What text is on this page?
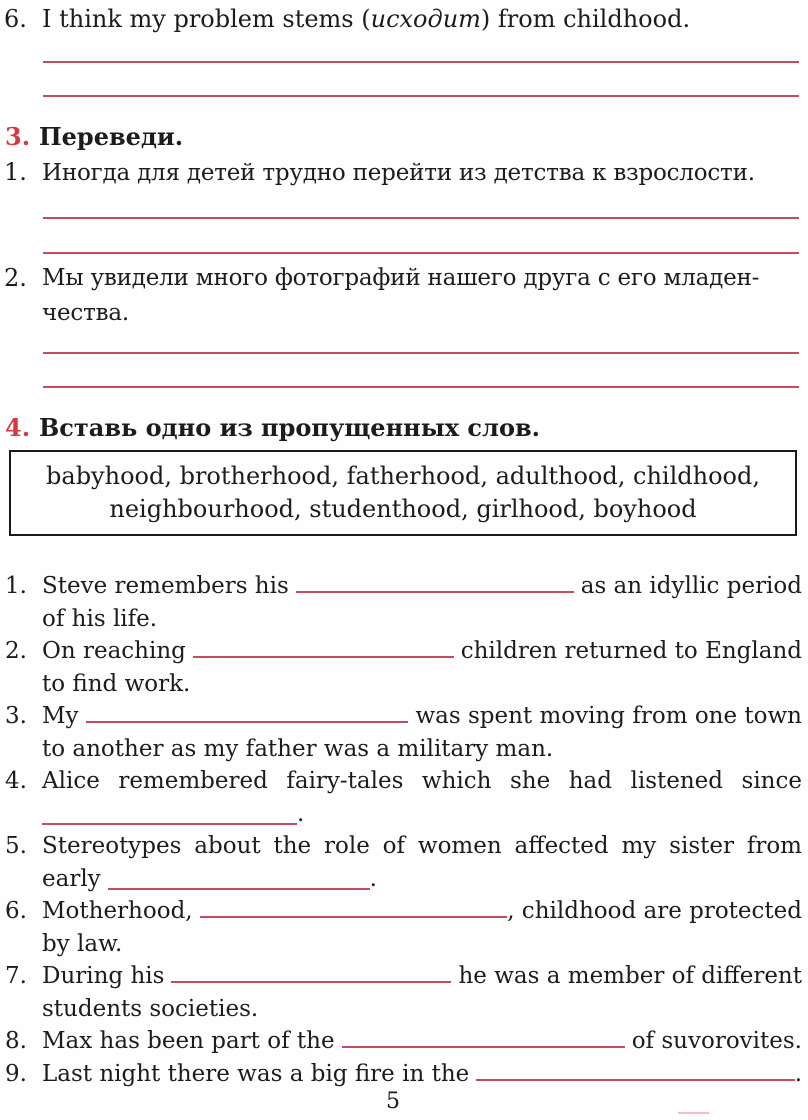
6. I think my problem stems (исходит) from childhood.
3. Переведи.
1. Иногда для детей трудно перейти из детства к взрослости.
2. Мы увидели много фотографий нашего друга с его младен-
чества.
4. Вставь одно из пропущенных слов.
babyhood, brotherhood, fatherhood, adulthood, childhood,
neighbourhood, studenthood, girlhood, boyhood
1. Steve remembers his	as an idyllic period
of his life.
2. On reaching	children returned to England
to find work.
3. My	was spent moving from one town
to another as my father was a military man.
4. Alice remembered fairy-tales which she had listened since
.
5. Stereotypes about the role of women affected my sister from
early	.
6. Motherhood,	, childhood are protected
by law.
7. During his	he was a member of different
students societies.
8. Max has been part of the	of suvorovites.
9. Last night there was a big fire in the	.
5
